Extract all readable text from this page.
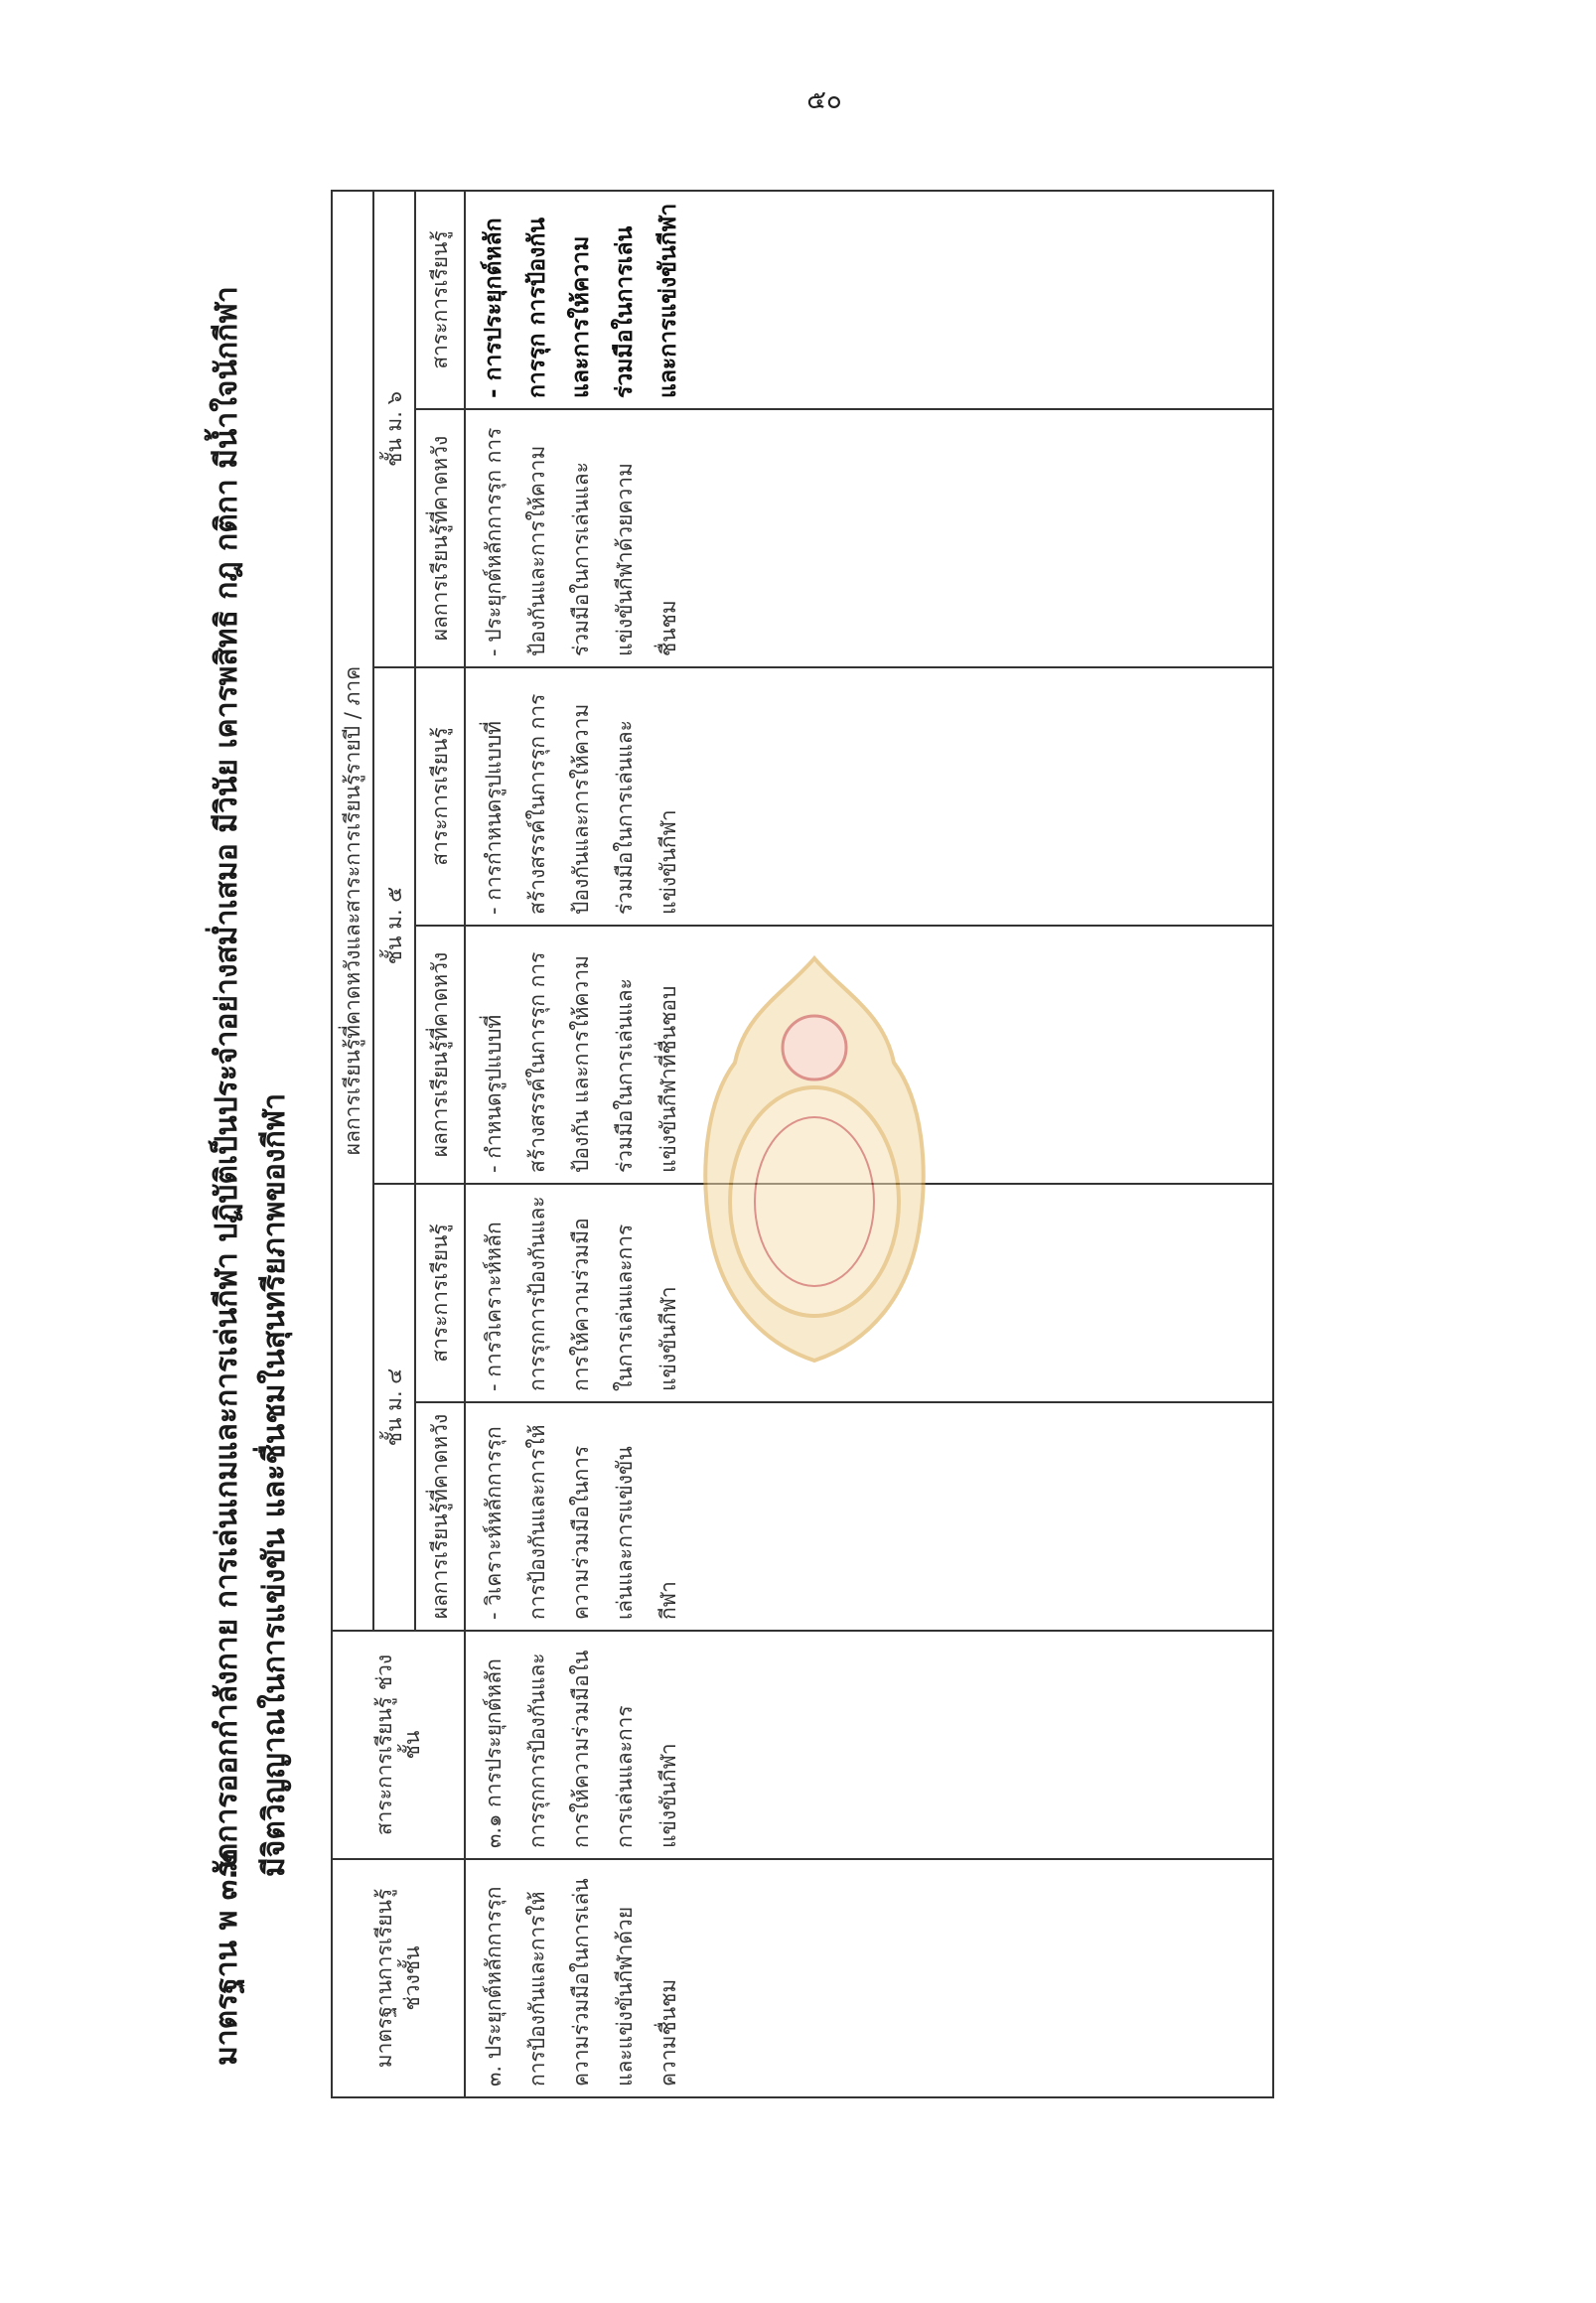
๕๐
มาตรฐาน พ ๓.๒รักการออกกำลังกาย การเล่นเกมและการเล่นกีฬา ปฏิบัติเป็นประจำอย่างสม่ำเสมอ มีวินัย เคารพสิทธิ กฎ กติกา มีน้ำใจนักกีฬา มีจิตวิญญาณในการแข่งขัน และชื่นชมในสุนทรียภาพของกีฬา
มาตรฐานการเรียนรู้ ช่วงชั้น	สาระการเรียนรู้ ช่วงชั้น	ผลการเรียนรู้ที่คาดหวังและสาระการเรียนรู้รายปี / ภาค					
		ชั้น ม. ๔		ชั้น ม. ๕		ชั้น ม. ๖	
		ผลการเรียนรู้ที่คาดหวัง	สาระการเรียนรู้	ผลการเรียนรู้ที่คาดหวัง	สาระการเรียนรู้	ผลการเรียนรู้ที่คาดหวัง	สาระการเรียนรู้
๓. ประยุกต์หลักการรุก การป้องกันและการให้ความร่วมมือในการเล่นและแข่งขันกีฬาด้วยความชื่นชม	๓.๑ การประยุกต์หลักการรุกการป้องกันและการให้ความร่วมมือในการเล่นและการแข่งขันกีฬา	- วิเคราะห์หลักการรุกการป้องกันและการให้ความร่วมมือในการเล่นและการแข่งขันกีฬา	- การวิเคราะห์หลักการรุกการป้องกันและการให้ความร่วมมือในการเล่นและการแข่งขันกีฬา	- กำหนดรูปแบบที่สร้างสรรค์ในการรุก การป้องกัน และการให้ความร่วมมือในการเล่นและแข่งขันกีฬาที่ชื่นชอบ	- การกำหนดรูปแบบที่สร้างสรรค์ในการรุก การป้องกันและการให้ความร่วมมือในการเล่นและแข่งขันกีฬา	- ประยุกต์หลักการรุก การป้องกันและการให้ความร่วมมือในการเล่นและแข่งขันกีฬาด้วยความชื่นชม	- การประยุกต์หลักการรุก การป้องกันและการให้ความร่วมมือในการเล่นและการแข่งขันกีฬา
